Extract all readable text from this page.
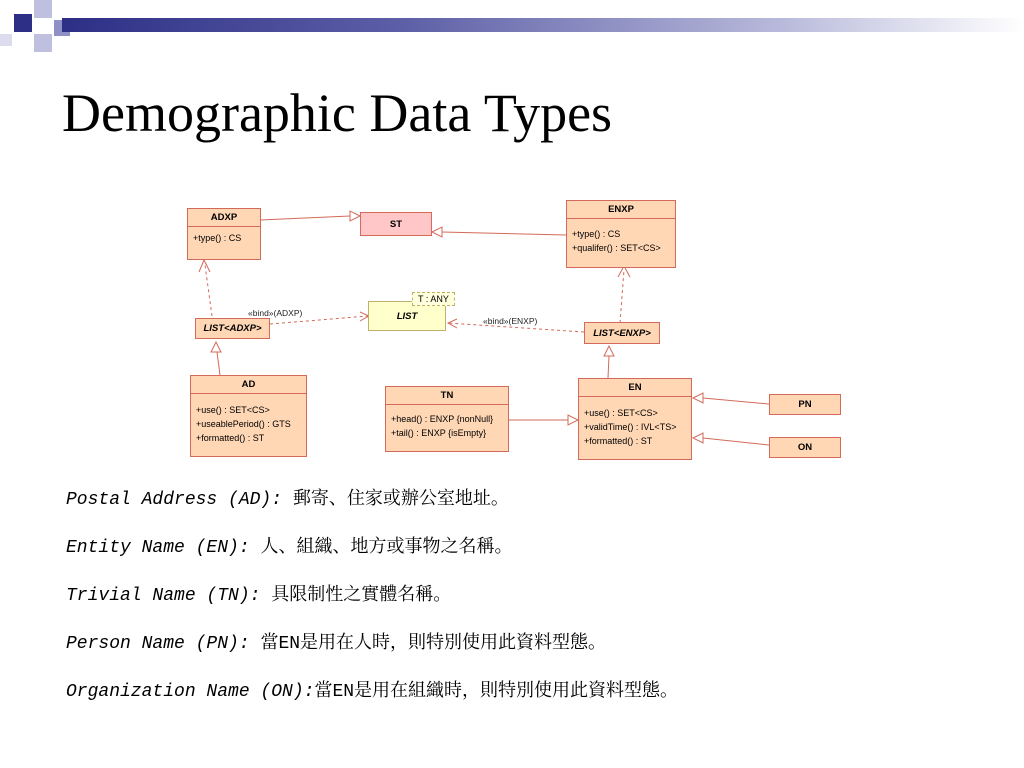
Demographic Data Types
ADXP
+type() : CS
ST
ENXP
+type() : CS
+qualifer() : SET<CS>
LIST
T : ANY
LIST<ADXP>	LIST<ENXP>
«bind»(ADXP)
«bind»(ENXP)
AD
+use() : SET<CS>
+useablePeriod() : GTS
+formatted() : ST
TN
+head() : ENXP {nonNull}
+tail() : ENXP {isEmpty}
EN
+use() : SET<CS>
+validTime() : IVL<TS>
+formatted() : ST
PN
ON
Postal Address (AD): 郵寄、住家或辦公室地址。
Entity Name (EN): 人、組織、地方或事物之名稱。
Trivial Name (TN): 具限制性之實體名稱。
Person Name (PN): 當EN是用在人時，則特別使用此資料型態。
Organization Name (ON):當EN是用在組織時，則特別使用此資料型態。
